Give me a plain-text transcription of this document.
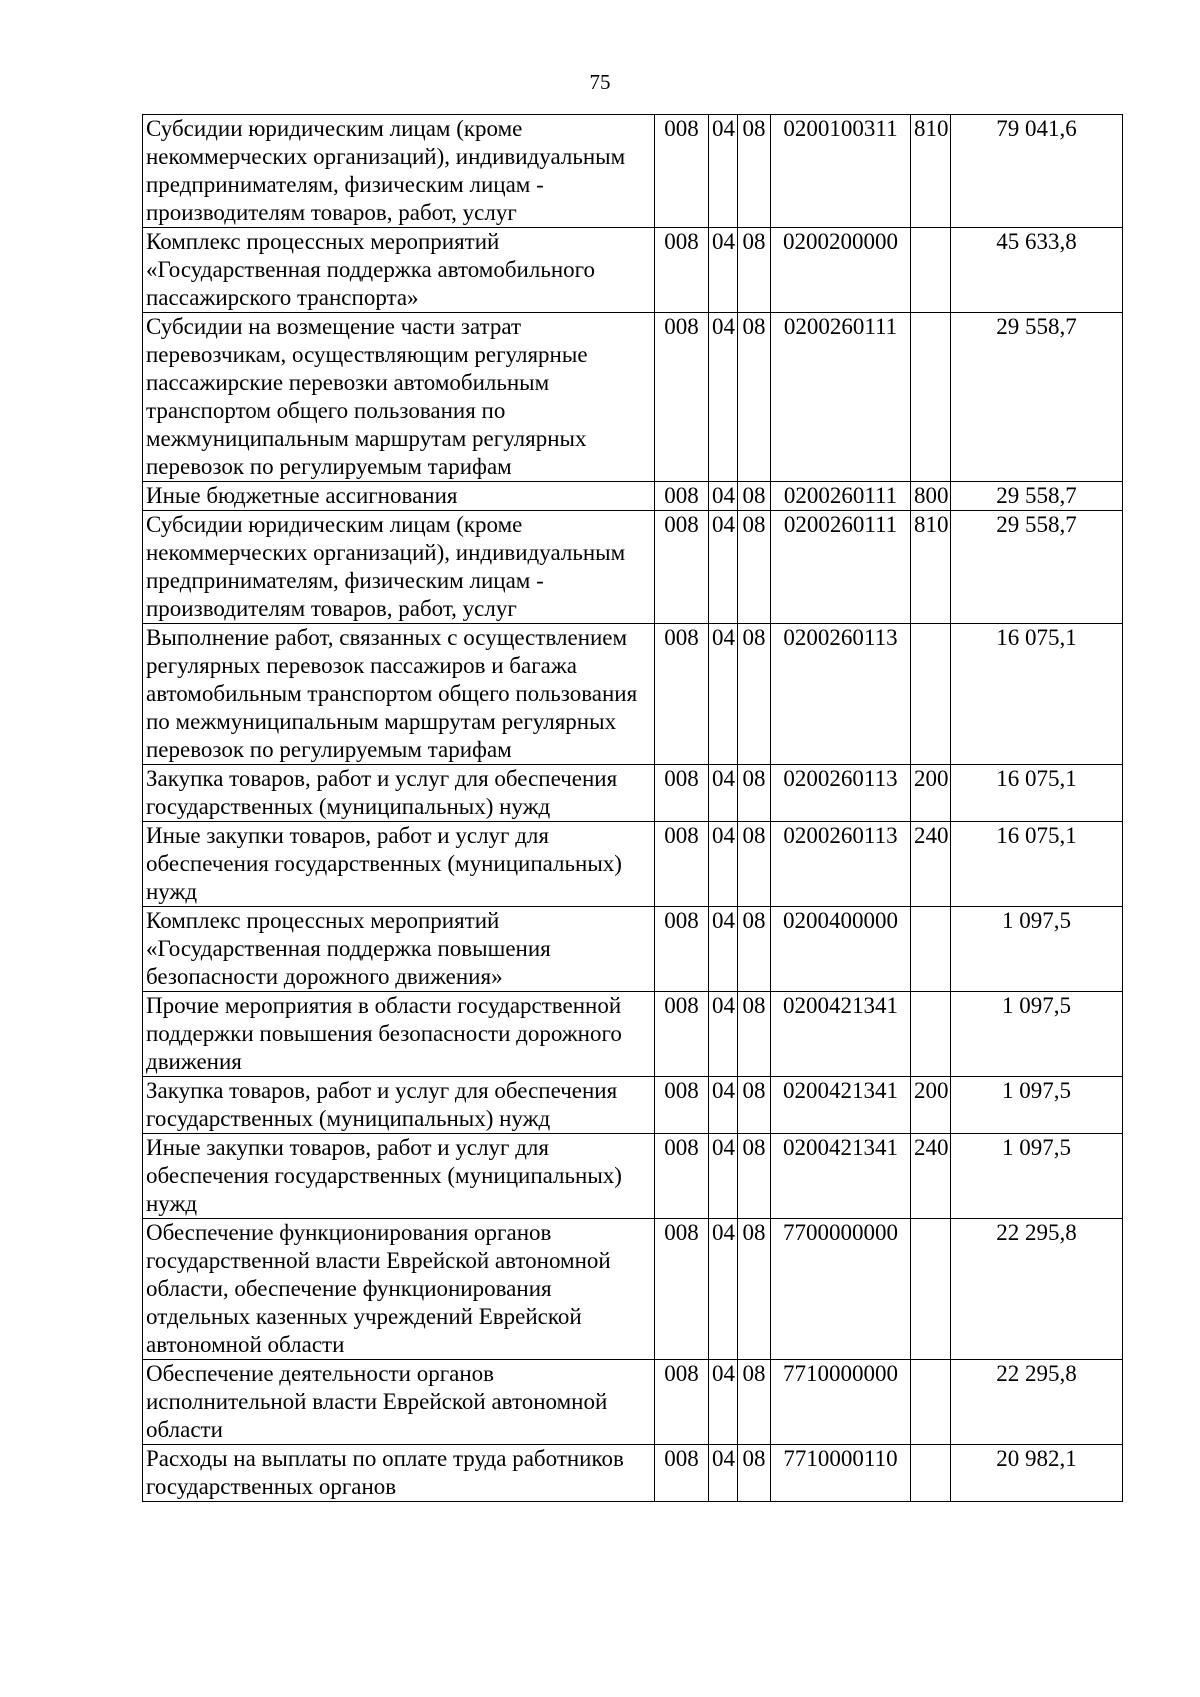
75
Субсидии юридическим лицам (кроме некоммерческих организаций), индивидуальным предпринимателям, физическим лицам - производителям товаров, работ, услуг	008	04	08	0200100311	810	79 041,6
Комплекс процессных мероприятий «Государственная поддержка автомобильного пассажирского транспорта»	008	04	08	0200200000		45 633,8
Субсидии на возмещение части затрат перевозчикам, осуществляющим регулярные пассажирские перевозки автомобильным транспортом общего пользования по межмуниципальным маршрутам регулярных перевозок по регулируемым тарифам	008	04	08	0200260111		29 558,7
Иные бюджетные ассигнования	008	04	08	0200260111	800	29 558,7
Субсидии юридическим лицам (кроме некоммерческих организаций), индивидуальным предпринимателям, физическим лицам - производителям товаров, работ, услуг	008	04	08	0200260111	810	29 558,7
Выполнение работ, связанных с осуществлением регулярных перевозок пассажиров и багажа автомобильным транспортом общего пользования по межмуниципальным маршрутам регулярных перевозок по регулируемым тарифам	008	04	08	0200260113		16 075,1
Закупка товаров, работ и услуг для обеспечения государственных (муниципальных) нужд	008	04	08	0200260113	200	16 075,1
Иные закупки товаров, работ и услуг для обеспечения государственных (муниципальных) нужд	008	04	08	0200260113	240	16 075,1
Комплекс процессных мероприятий «Государственная поддержка повышения безопасности дорожного движения»	008	04	08	0200400000		1 097,5
Прочие мероприятия в области государственной поддержки повышения безопасности дорожного движения	008	04	08	0200421341		1 097,5
Закупка товаров, работ и услуг для обеспечения государственных (муниципальных) нужд	008	04	08	0200421341	200	1 097,5
Иные закупки товаров, работ и услуг для обеспечения государственных (муниципальных) нужд	008	04	08	0200421341	240	1 097,5
Обеспечение функционирования органов государственной власти Еврейской автономной области, обеспечение функционирования отдельных казенных учреждений Еврейской автономной области	008	04	08	7700000000		22 295,8
Обеспечение деятельности органов исполнительной власти Еврейской автономной области	008	04	08	7710000000		22 295,8
Расходы на выплаты по оплате труда работников государственных органов	008	04	08	7710000110		20 982,1
